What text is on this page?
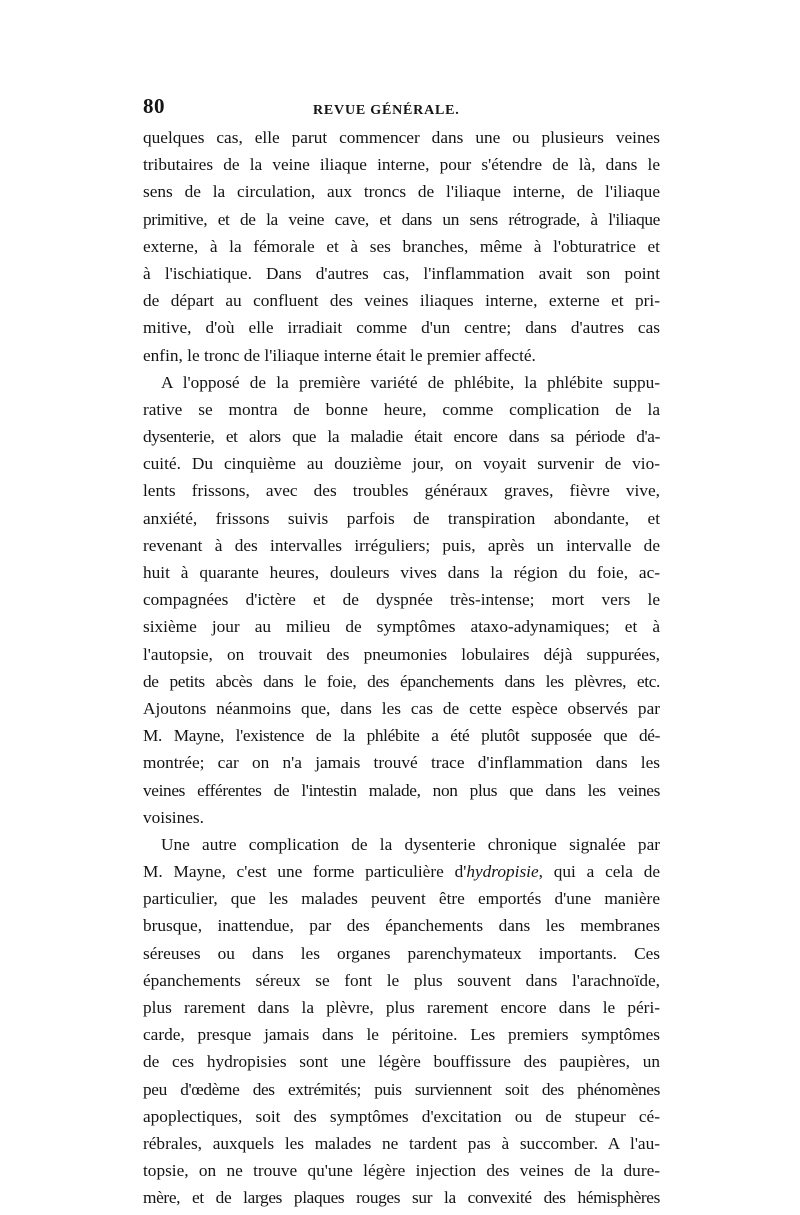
80	REVUE GÉNÉRALE.
quelques cas, elle parut commencer dans une ou plusieurs veines
tributaires de la veine iliaque interne, pour s'étendre de là, dans le
sens de la circulation, aux troncs de l'iliaque interne, de l'iliaque
primitive, et de la veine cave, et dans un sens rétrograde, à l'iliaque
externe, à la fémorale et à ses branches, même à l'obturatrice et
à l'ischiatique. Dans d'autres cas, l'inflammation avait son point
de départ au confluent des veines iliaques interne, externe et pri-
mitive, d'où elle irradiait comme d'un centre; dans d'autres cas
enfin, le tronc de l'iliaque interne était le premier affecté.
A l'opposé de la première variété de phlébite, la phlébite suppu-
rative se montra de bonne heure, comme complication de la
dysenterie, et alors que la maladie était encore dans sa période d'a-
cuité. Du cinquième au douzième jour, on voyait survenir de vio-
lents frissons, avec des troubles généraux graves, fièvre vive,
anxiété, frissons suivis parfois de transpiration abondante, et
revenant à des intervalles irréguliers; puis, après un intervalle de
huit à quarante heures, douleurs vives dans la région du foie, ac-
compagnées d'ictère et de dyspnée très-intense; mort vers le
sixième jour au milieu de symptômes ataxo-adynamiques; et à
l'autopsie, on trouvait des pneumonies lobulaires déjà suppurées,
de petits abcès dans le foie, des épanchements dans les plèvres, etc.
Ajoutons néanmoins que, dans les cas de cette espèce observés par
M. Mayne, l'existence de la phlébite a été plutôt supposée que dé-
montrée; car on n'a jamais trouvé trace d'inflammation dans les
veines efférentes de l'intestin malade, non plus que dans les veines
voisines.
Une autre complication de la dysenterie chronique signalée par
M. Mayne, c'est une forme particulière d'hydropisie, qui a cela de
particulier, que les malades peuvent être emportés d'une manière
brusque, inattendue, par des épanchements dans les membranes
séreuses ou dans les organes parenchymateux importants. Ces
épanchements séreux se font le plus souvent dans l'arachnoïde,
plus rarement dans la plèvre, plus rarement encore dans le péri-
carde, presque jamais dans le péritoine. Les premiers symptômes
de ces hydropisies sont une légère bouffissure des paupières, un
peu d'œdème des extrémités; puis surviennent soit des phénomènes
apoplectiques, soit des symptômes d'excitation ou de stupeur cé-
rébrales, auxquels les malades ne tardent pas à succomber. A l'au-
topsie, on ne trouve qu'une légère injection des veines de la dure-
mère, et de larges plaques rouges sur la convexité des hémisphères
